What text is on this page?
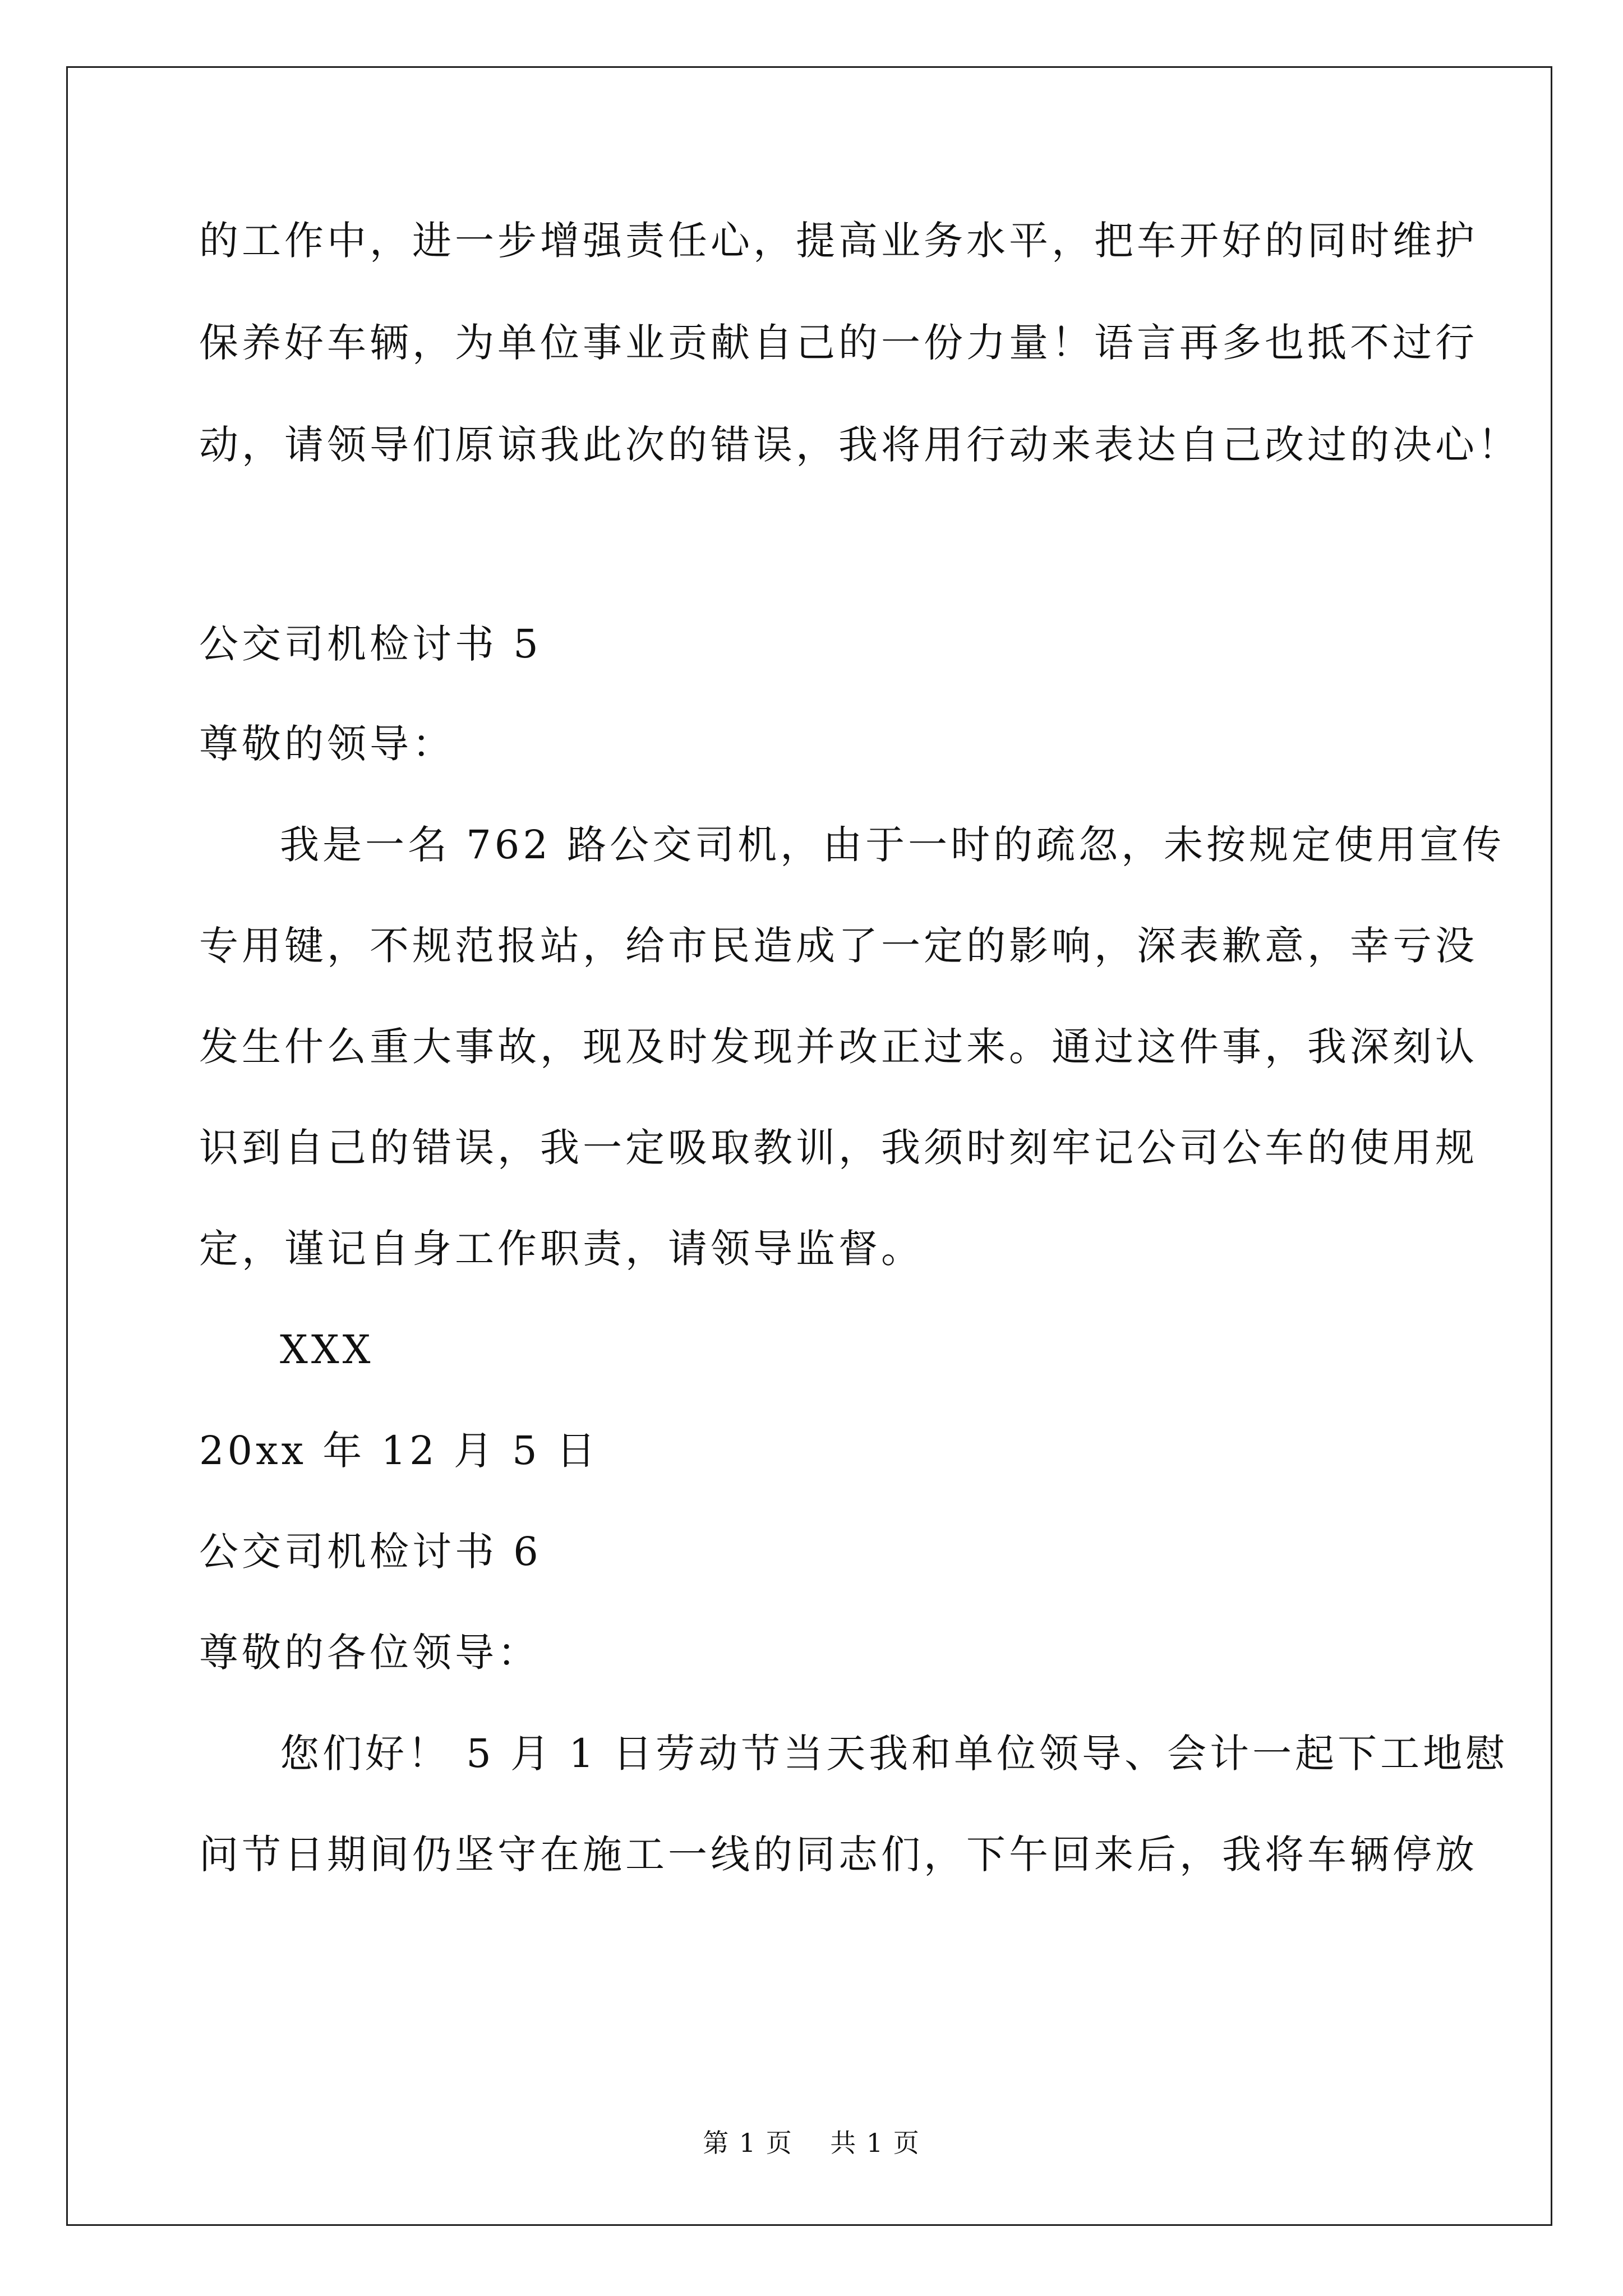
的工作中，进一步增强责任心，提高业务水平，把车开好的同时维护

保养好车辆，为单位事业贡献自己的一份力量！语言再多也抵不过行

动，请领导们原谅我此次的错误，我将用行动来表达自己改过的决心！

公交司机检讨书 5

尊敬的领导：

我是一名 762 路公交司机，由于一时的疏忽，未按规定使用宣传

专用键，不规范报站，给市民造成了一定的影响，深表歉意，幸亏没

发生什么重大事故，现及时发现并改正过来。通过这件事，我深刻认

识到自己的错误，我一定吸取教训，我须时刻牢记公司公车的使用规

定，谨记自身工作职责，请领导监督。

XXX

20xx 年 12 月 5 日

公交司机检讨书 6

尊敬的各位领导：

您们好！ 5 月 1 日劳动节当天我和单位领导、会计一起下工地慰

问节日期间仍坚守在施工一线的同志们，下午回来后，我将车辆停放

第 1 页    共 1 页
